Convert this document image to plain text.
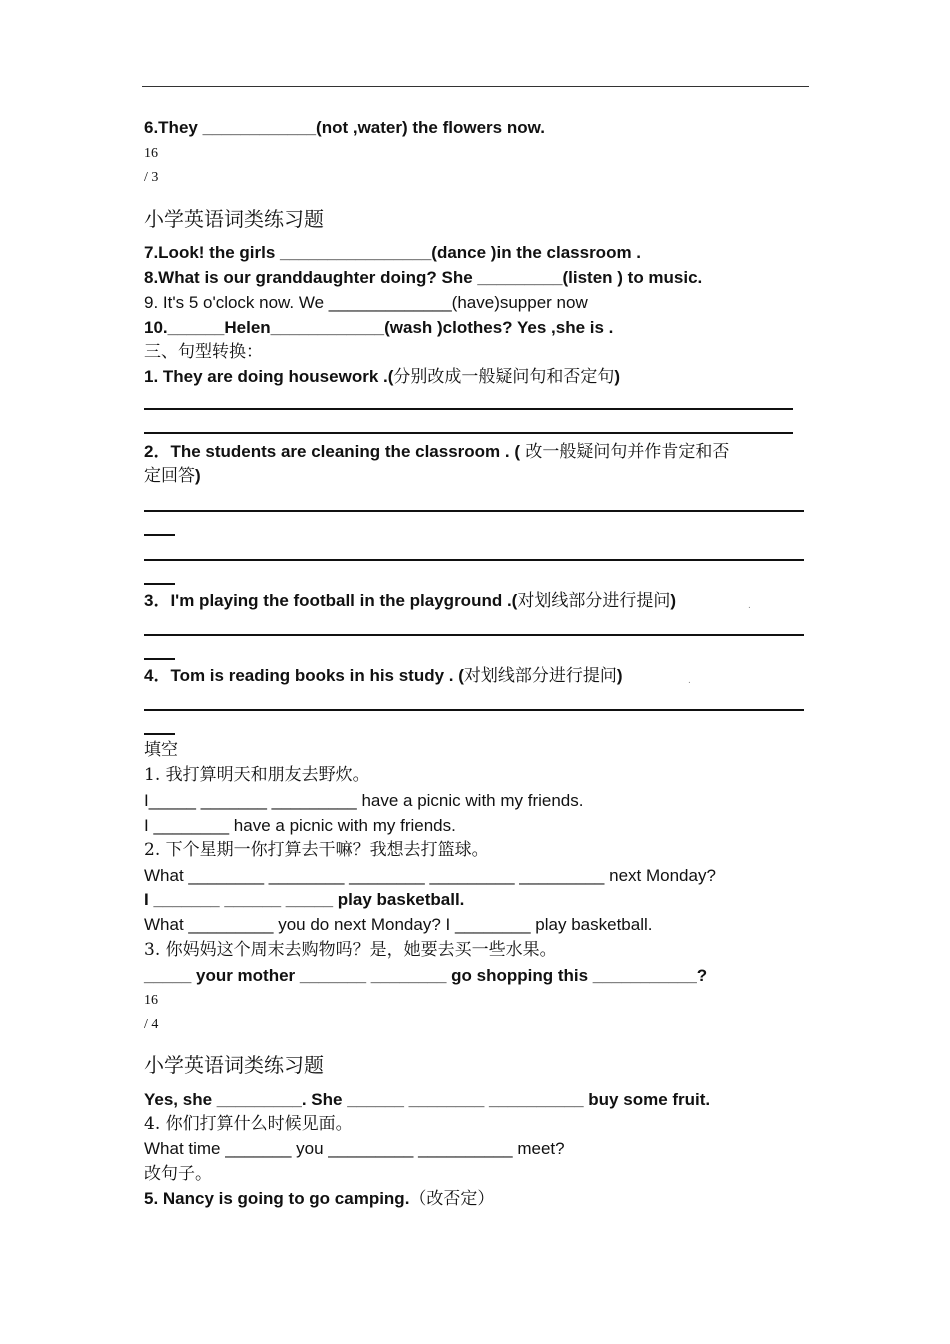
6.They ____________(not ,water) the flowers now.
16
/ 3
小学英语词类练习题
7.Look! the girls ________________(dance )in the classroom .
8.What is our granddaughter doing? She _________(listen ) to music.
9. It's 5 o'clock now. We _____________(have)supper now
10.______Helen____________(wash )clothes? Yes ,she is .
三、句型转换：
1. They are doing housework .(分别改成一般疑问句和否定句)
2．The students are cleaning the classroom . ( 改一般疑问句并作肯定和否
定回答)
3．I'm playing the football in the playground .(对划线部分进行提问)	.
4．Tom is reading books in his study . (对划线部分进行提问)	.
填空
1. 我打算明天和朋友去野炊。
I_____ _______ _________ have a picnic with my friends.
I ________ have a picnic with my friends.
2. 下个星期一你打算去干嘛？我想去打篮球。
What ________ ________ ________ _________ _________ next Monday?
I _______ ______ _____ play basketball.
What _________ you do next Monday? I ________ play basketball.
3. 你妈妈这个周末去购物吗？是，她要去买一些水果。
_____ your mother _______ ________ go shopping this ___________?
16
/ 4
小学英语词类练习题
Yes, she _________. She ______ ________ __________ buy some fruit.
4. 你们打算什么时候见面。
What time _______ you _________ __________ meet?
改句子。
5. Nancy is going to go camping.（改否定）
